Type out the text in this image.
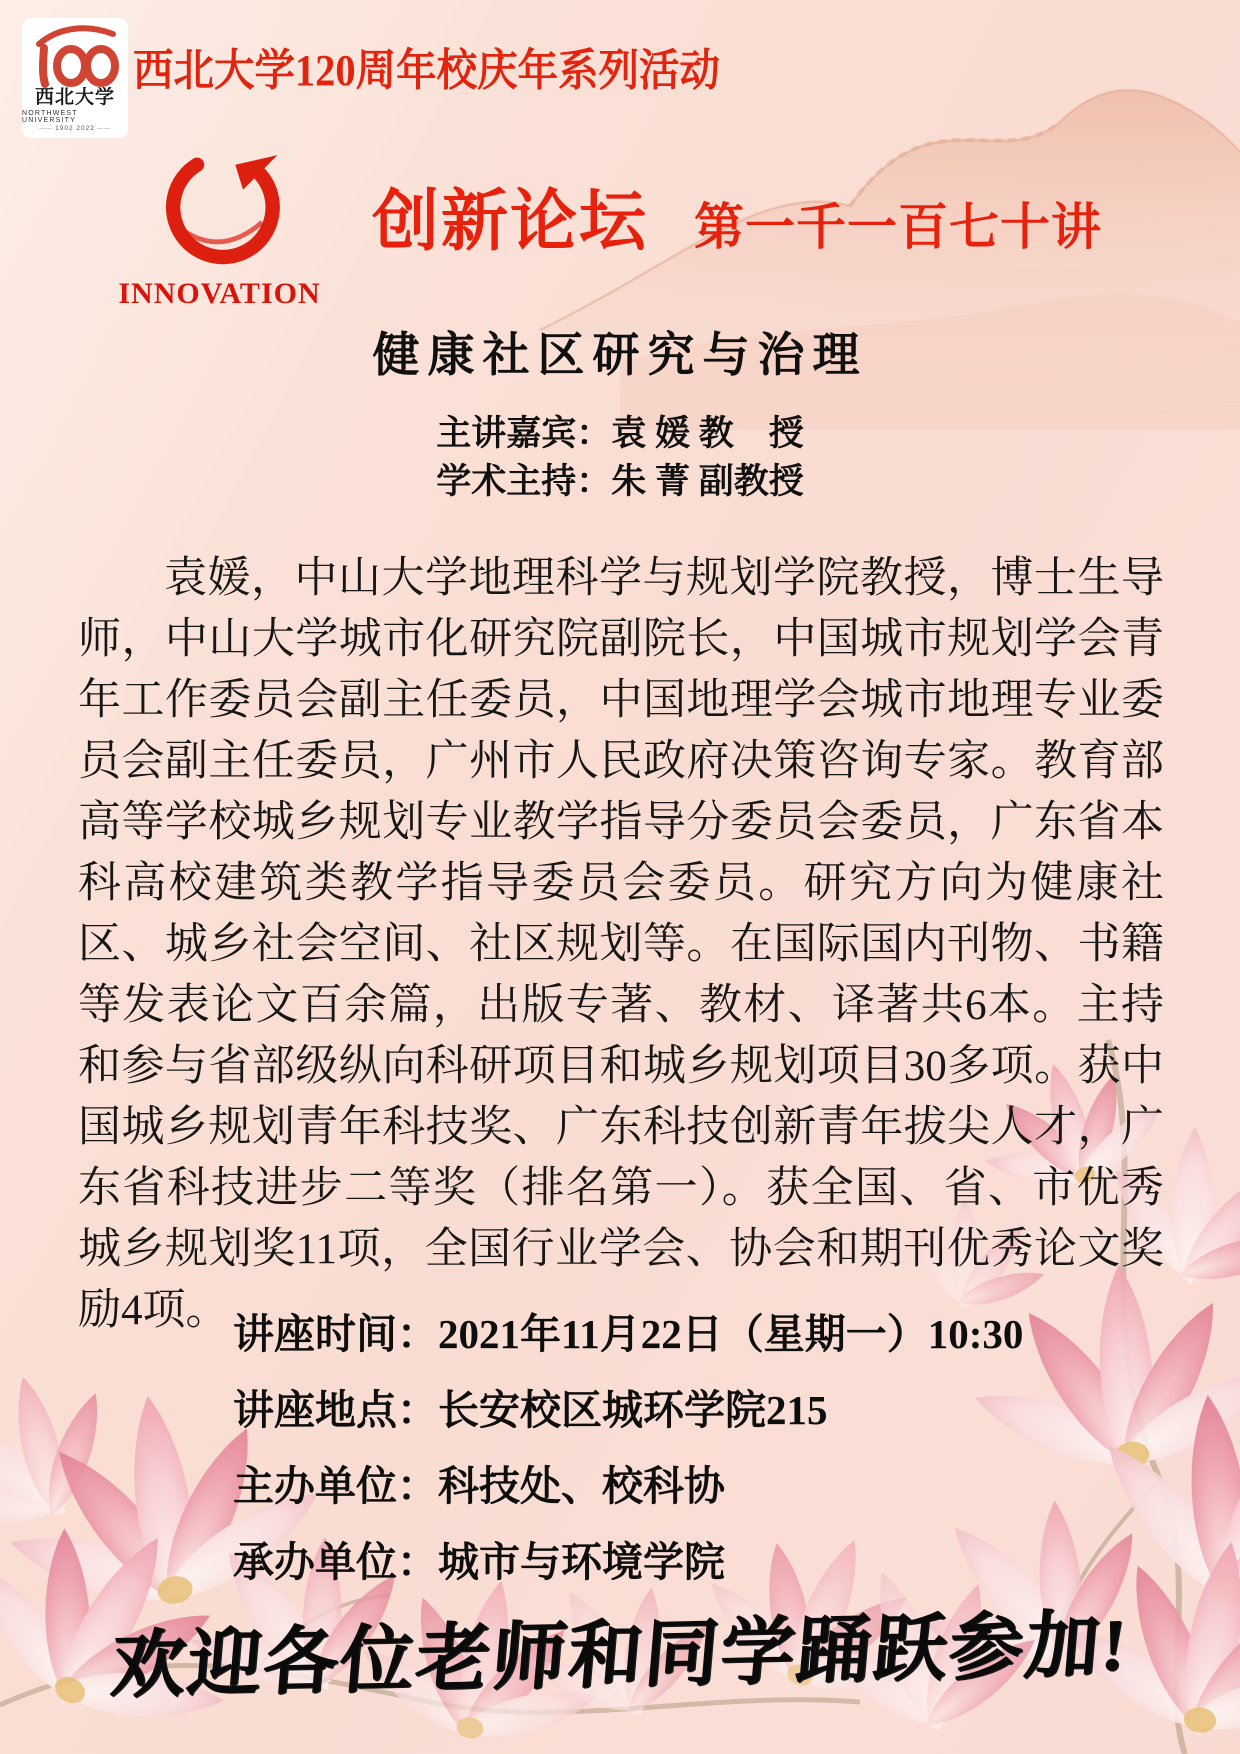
西北大学
NORTHWEST UNIVERSITY
—— 1902 2022 ——
西北大学120周年校庆年系列活动
INNOVATION
创新论坛 第一千一百七十讲
健康社区研究与治理
主讲嘉宾：袁 媛 教　授
学术主持：朱 菁 副教授
袁媛，中山大学地理科学与规划学院教授，博士生导师，中山大学城市化研究院副院长，中国城市规划学会青年工作委员会副主任委员，中国地理学会城市地理专业委员会副主任委员，广州市人民政府决策咨询专家。教育部高等学校城乡规划专业教学指导分委员会委员，广东省本科高校建筑类教学指导委员会委员。研究方向为健康社区、城乡社会空间、社区规划等。在国际国内刊物、书籍等发表论文百余篇，出版专著、教材、译著共6本。主持和参与省部级纵向科研项目和城乡规划项目30多项。获中国城乡规划青年科技奖、广东科技创新青年拔尖人才，广东省科技进步二等奖（排名第一）。获全国、省、市优秀城乡规划奖11项，全国行业学会、协会和期刊优秀论文奖励4项。 讲座时间：2021年11月22日（星期一）10:30
讲座地点：长安校区城环学院215
主办单位：科技处、校科协
承办单位：城市与环境学院
欢迎各位老师和同学踊跃参加!
